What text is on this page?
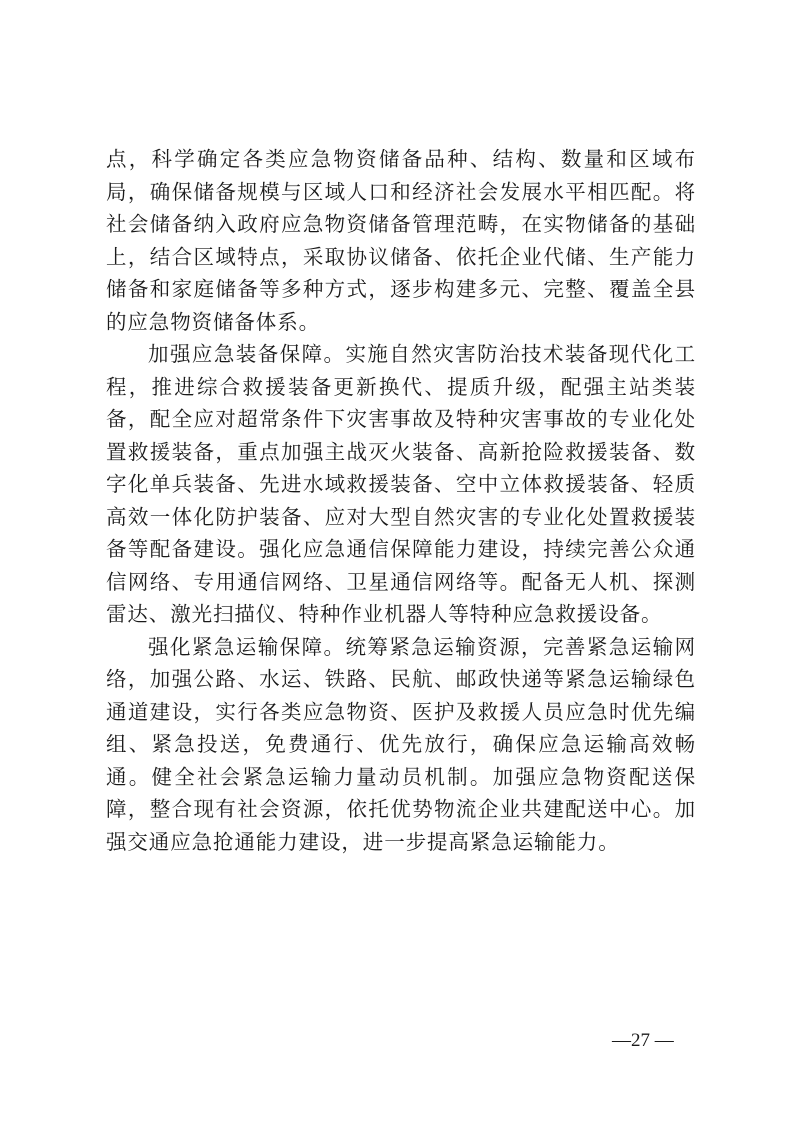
点，科学确定各类应急物资储备品种、结构、数量和区域布局，确保储备规模与区域人口和经济社会发展水平相匹配。将社会储备纳入政府应急物资储备管理范畴，在实物储备的基础上，结合区域特点，采取协议储备、依托企业代储、生产能力储备和家庭储备等多种方式，逐步构建多元、完整、覆盖全县的应急物资储备体系。

加强应急装备保障。实施自然灾害防治技术装备现代化工程，推进综合救援装备更新换代、提质升级，配强主站类装备，配全应对超常条件下灾害事故及特种灾害事故的专业化处置救援装备，重点加强主战灭火装备、高新抢险救援装备、数字化单兵装备、先进水域救援装备、空中立体救援装备、轻质高效一体化防护装备、应对大型自然灾害的专业化处置救援装备等配备建设。强化应急通信保障能力建设，持续完善公众通信网络、专用通信网络、卫星通信网络等。配备无人机、探测雷达、激光扫描仪、特种作业机器人等特种应急救援设备。

强化紧急运输保障。统筹紧急运输资源，完善紧急运输网络，加强公路、水运、铁路、民航、邮政快递等紧急运输绿色通道建设，实行各类应急物资、医护及救援人员应急时优先编组、紧急投送，免费通行、优先放行，确保应急运输高效畅通。健全社会紧急运输力量动员机制。加强应急物资配送保障，整合现有社会资源，依托优势物流企业共建配送中心。加强交通应急抢通能力建设，进一步提高紧急运输能力。

—27 —
